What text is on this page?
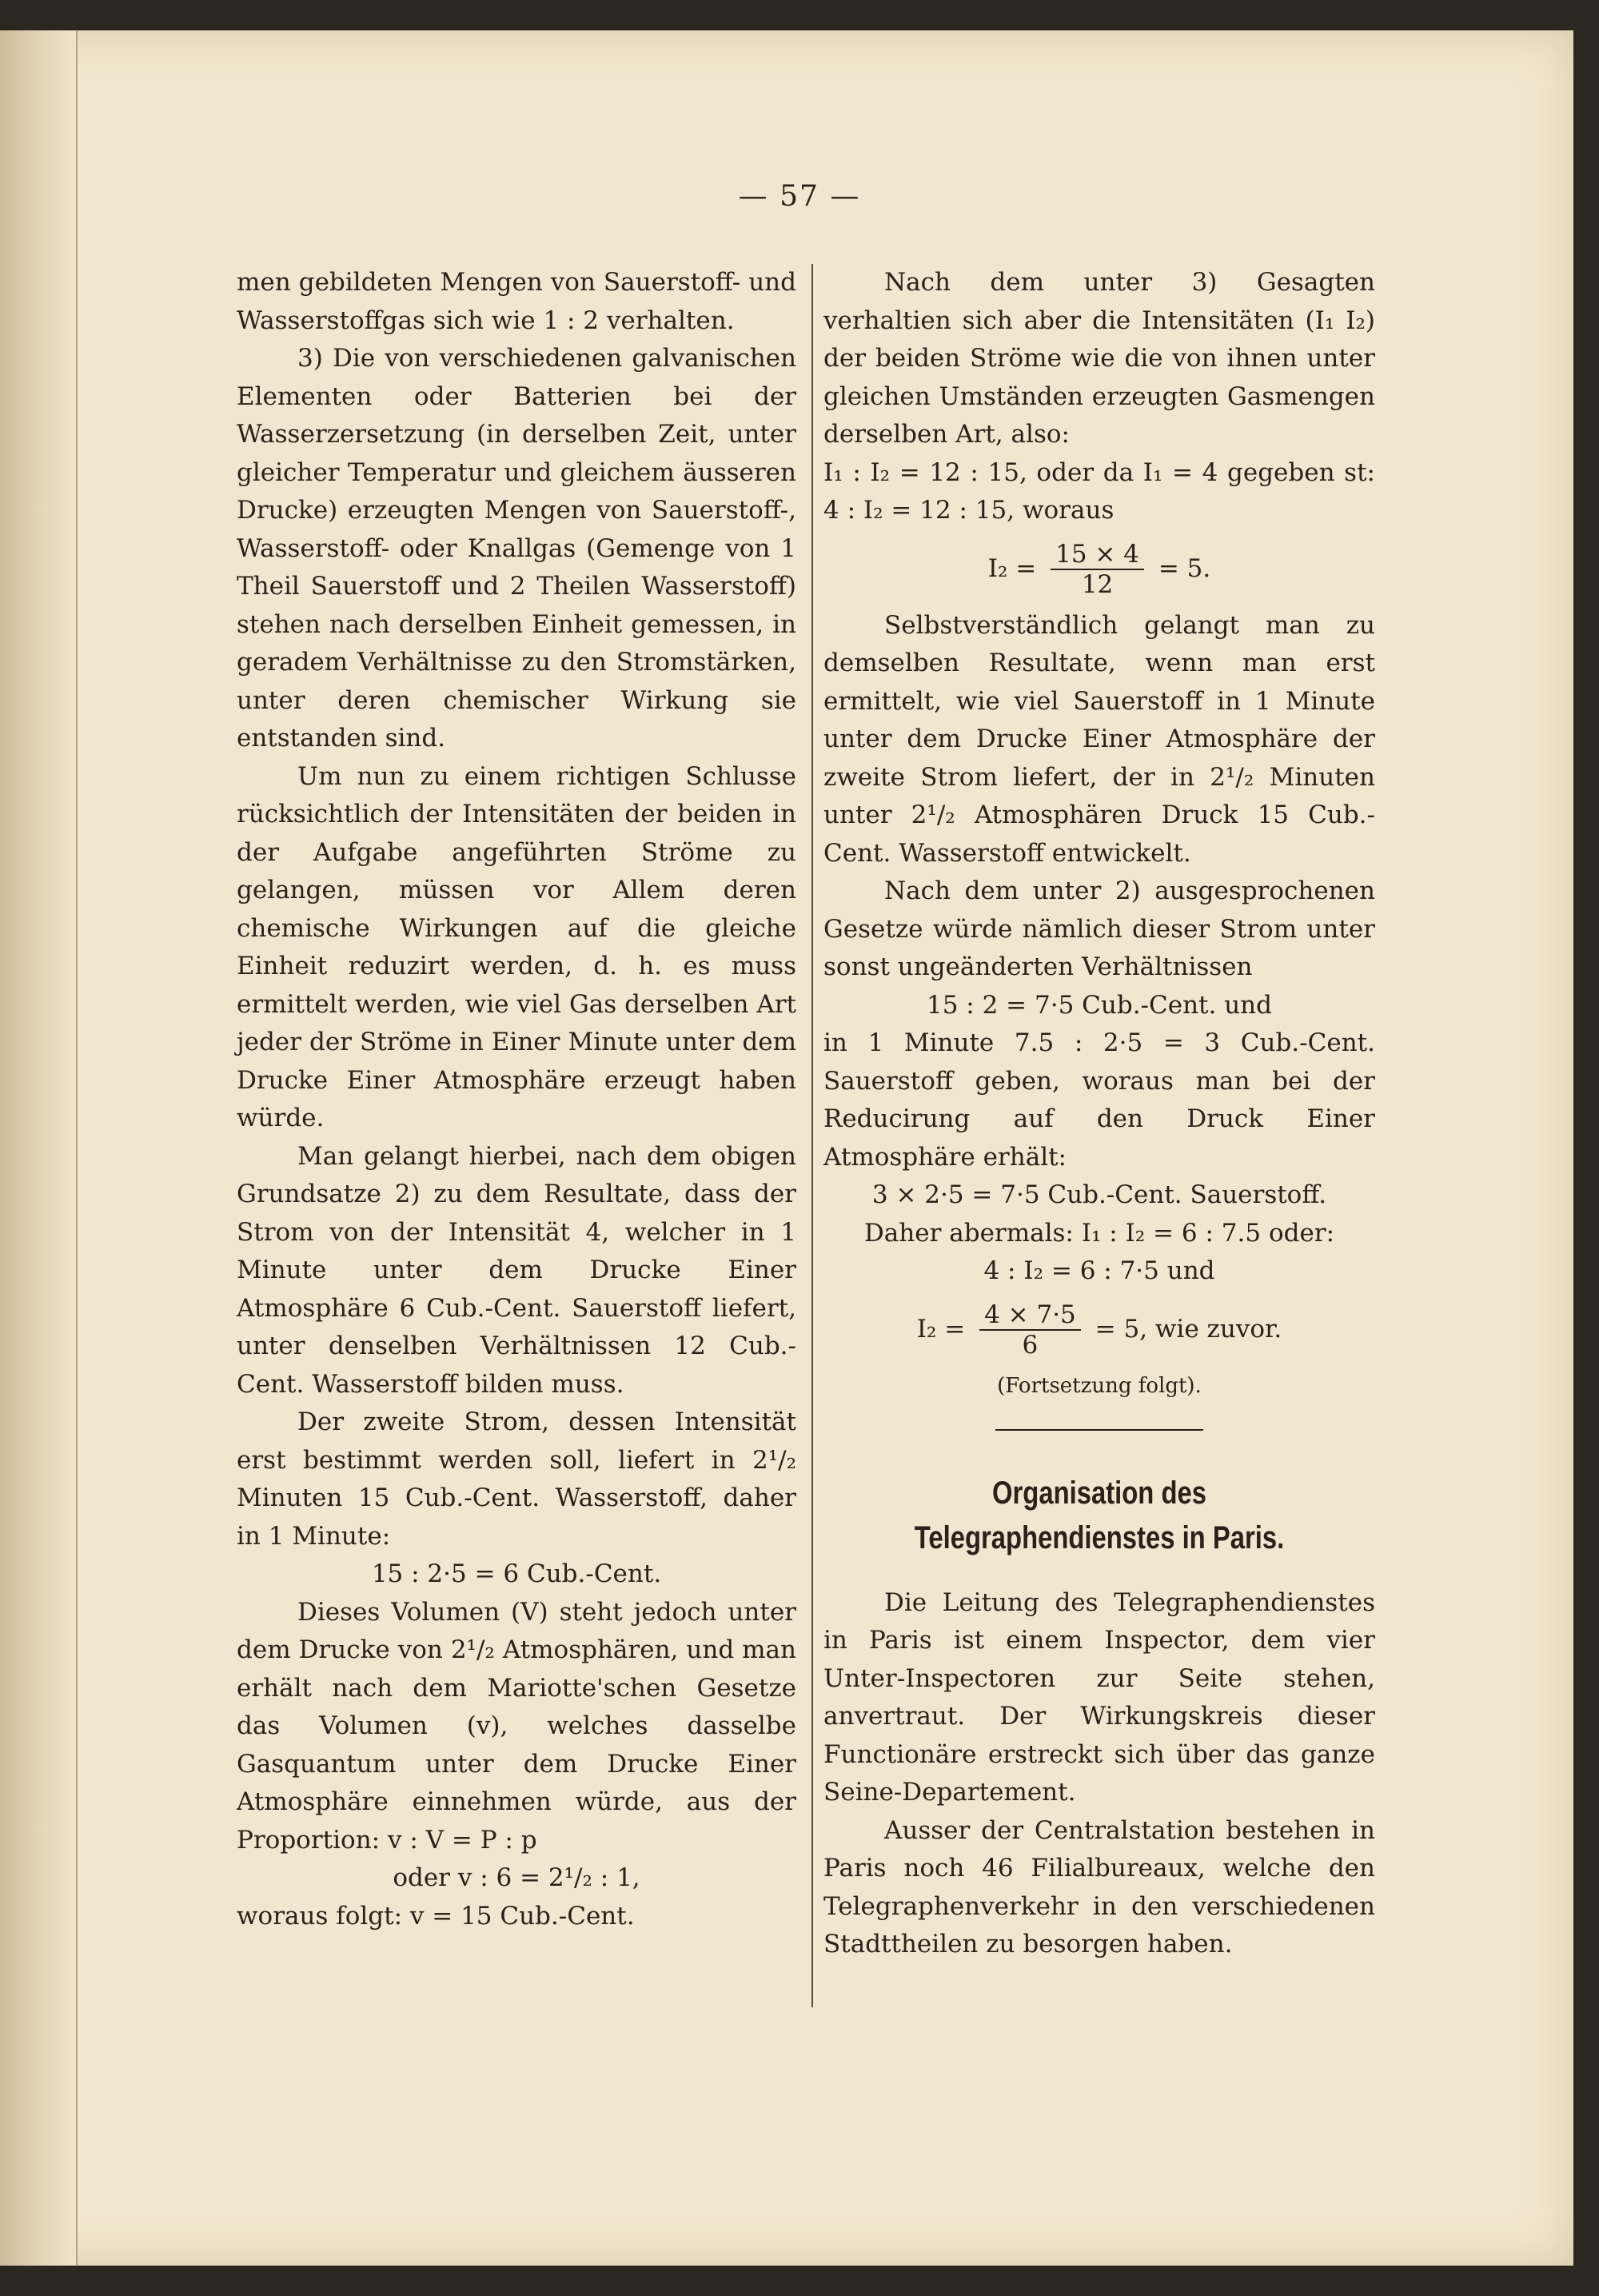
— 57 —

men gebildeten Mengen von Sauerstoff- und Wasserstoffgas sich wie 1 : 2 verhalten.

3) Die von verschiedenen galvanischen Elementen oder Batterien bei der Wasserzersetzung (in derselben Zeit, unter gleicher Temperatur und gleichem äusseren Drucke) erzeugten Mengen von Sauerstoff-, Wasserstoff- oder Knallgas (Gemenge von 1 Theil Sauerstoff und 2 Theilen Wasserstoff) stehen nach derselben Einheit gemessen, in geradem Verhältnisse zu den Stromstärken, unter deren chemischer Wirkung sie entstanden sind.

Um nun zu einem richtigen Schlusse rücksichtlich der Intensitäten der beiden in der Aufgabe angeführten Ströme zu gelangen, müssen vor Allem deren chemische Wirkungen auf die gleiche Einheit reduzirt werden, d. h. es muss ermittelt werden, wie viel Gas derselben Art jeder der Ströme in Einer Minute unter dem Drucke Einer Atmosphäre erzeugt haben würde.

Man gelangt hierbei, nach dem obigen Grundsatze 2) zu dem Resultate, dass der Strom von der Intensität 4, welcher in 1 Minute unter dem Drucke Einer Atmosphäre 6 Cub.-Cent. Sauerstoff liefert, unter denselben Verhältnissen 12 Cub.-Cent. Wasserstoff bilden muss.

Der zweite Strom, dessen Intensität erst bestimmt werden soll, liefert in 2¹/₂ Minuten 15 Cub.-Cent. Wasserstoff, daher in 1 Minute:

15 : 2·5 = 6 Cub.-Cent.

Dieses Volumen (V) steht jedoch unter dem Drucke von 2¹/₂ Atmosphären, und man erhält nach dem Mariotte'schen Gesetze das Volumen (v), welches dasselbe Gasquantum unter dem Drucke Einer Atmosphäre einnehmen würde, aus der Proportion: v : V = P : p

oder v : 6 = 2¹/₂ : 1,

woraus folgt: v = 15 Cub.-Cent.

Nach dem unter 3) Gesagten verhaltien sich aber die Intensitäten (I₁ I₂) der beiden Ströme wie die von ihnen unter gleichen Umständen erzeugten Gasmengen derselben Art, also:

I₁ : I₂ = 12 : 15, oder da I₁ = 4 gegeben st: 4 : I₂ = 12 : 15, woraus

$I_2 = \frac{15 \times 4}{12} = 5$.

Selbstverständlich gelangt man zu demselben Resultate, wenn man erst ermittelt, wie viel Sauerstoff in 1 Minute unter dem Drucke Einer Atmosphäre der zweite Strom liefert, der in 2¹/₂ Minuten unter 2¹/₂ Atmosphären Druck 15 Cub.-Cent. Wasserstoff entwickelt.

Nach dem unter 2) ausgesprochenen Gesetze würde nämlich dieser Strom unter sonst ungeänderten Verhältnissen

15 : 2 = 7·5 Cub.-Cent. und

in 1 Minute 7.5 : 2·5 = 3 Cub.-Cent. Sauerstoff geben, woraus man bei der Reducirung auf den Druck Einer Atmosphäre erhält:

3 × 2·5 = 7·5 Cub.-Cent. Sauerstoff.

Daher abermals: I₁ : I₂ = 6 : 7.5 oder:

4 : I₂ = 6 : 7·5 und

$I_2 = \frac{4 \times 7\cdot 5}{6} = 5$, wie zuvor.

(Fortsetzung folgt).

Organisation des Telegraphendienstes in Paris.

Die Leitung des Telegraphendienstes in Paris ist einem Inspector, dem vier Unter-Inspectoren zur Seite stehen, anvertraut. Der Wirkungskreis dieser Functionäre erstreckt sich über das ganze Seine-Departement.

Ausser der Centralstation bestehen in Paris noch 46 Filialbureaux, welche den Telegraphenverkehr in den verschiedenen Stadttheilen zu besorgen haben.
